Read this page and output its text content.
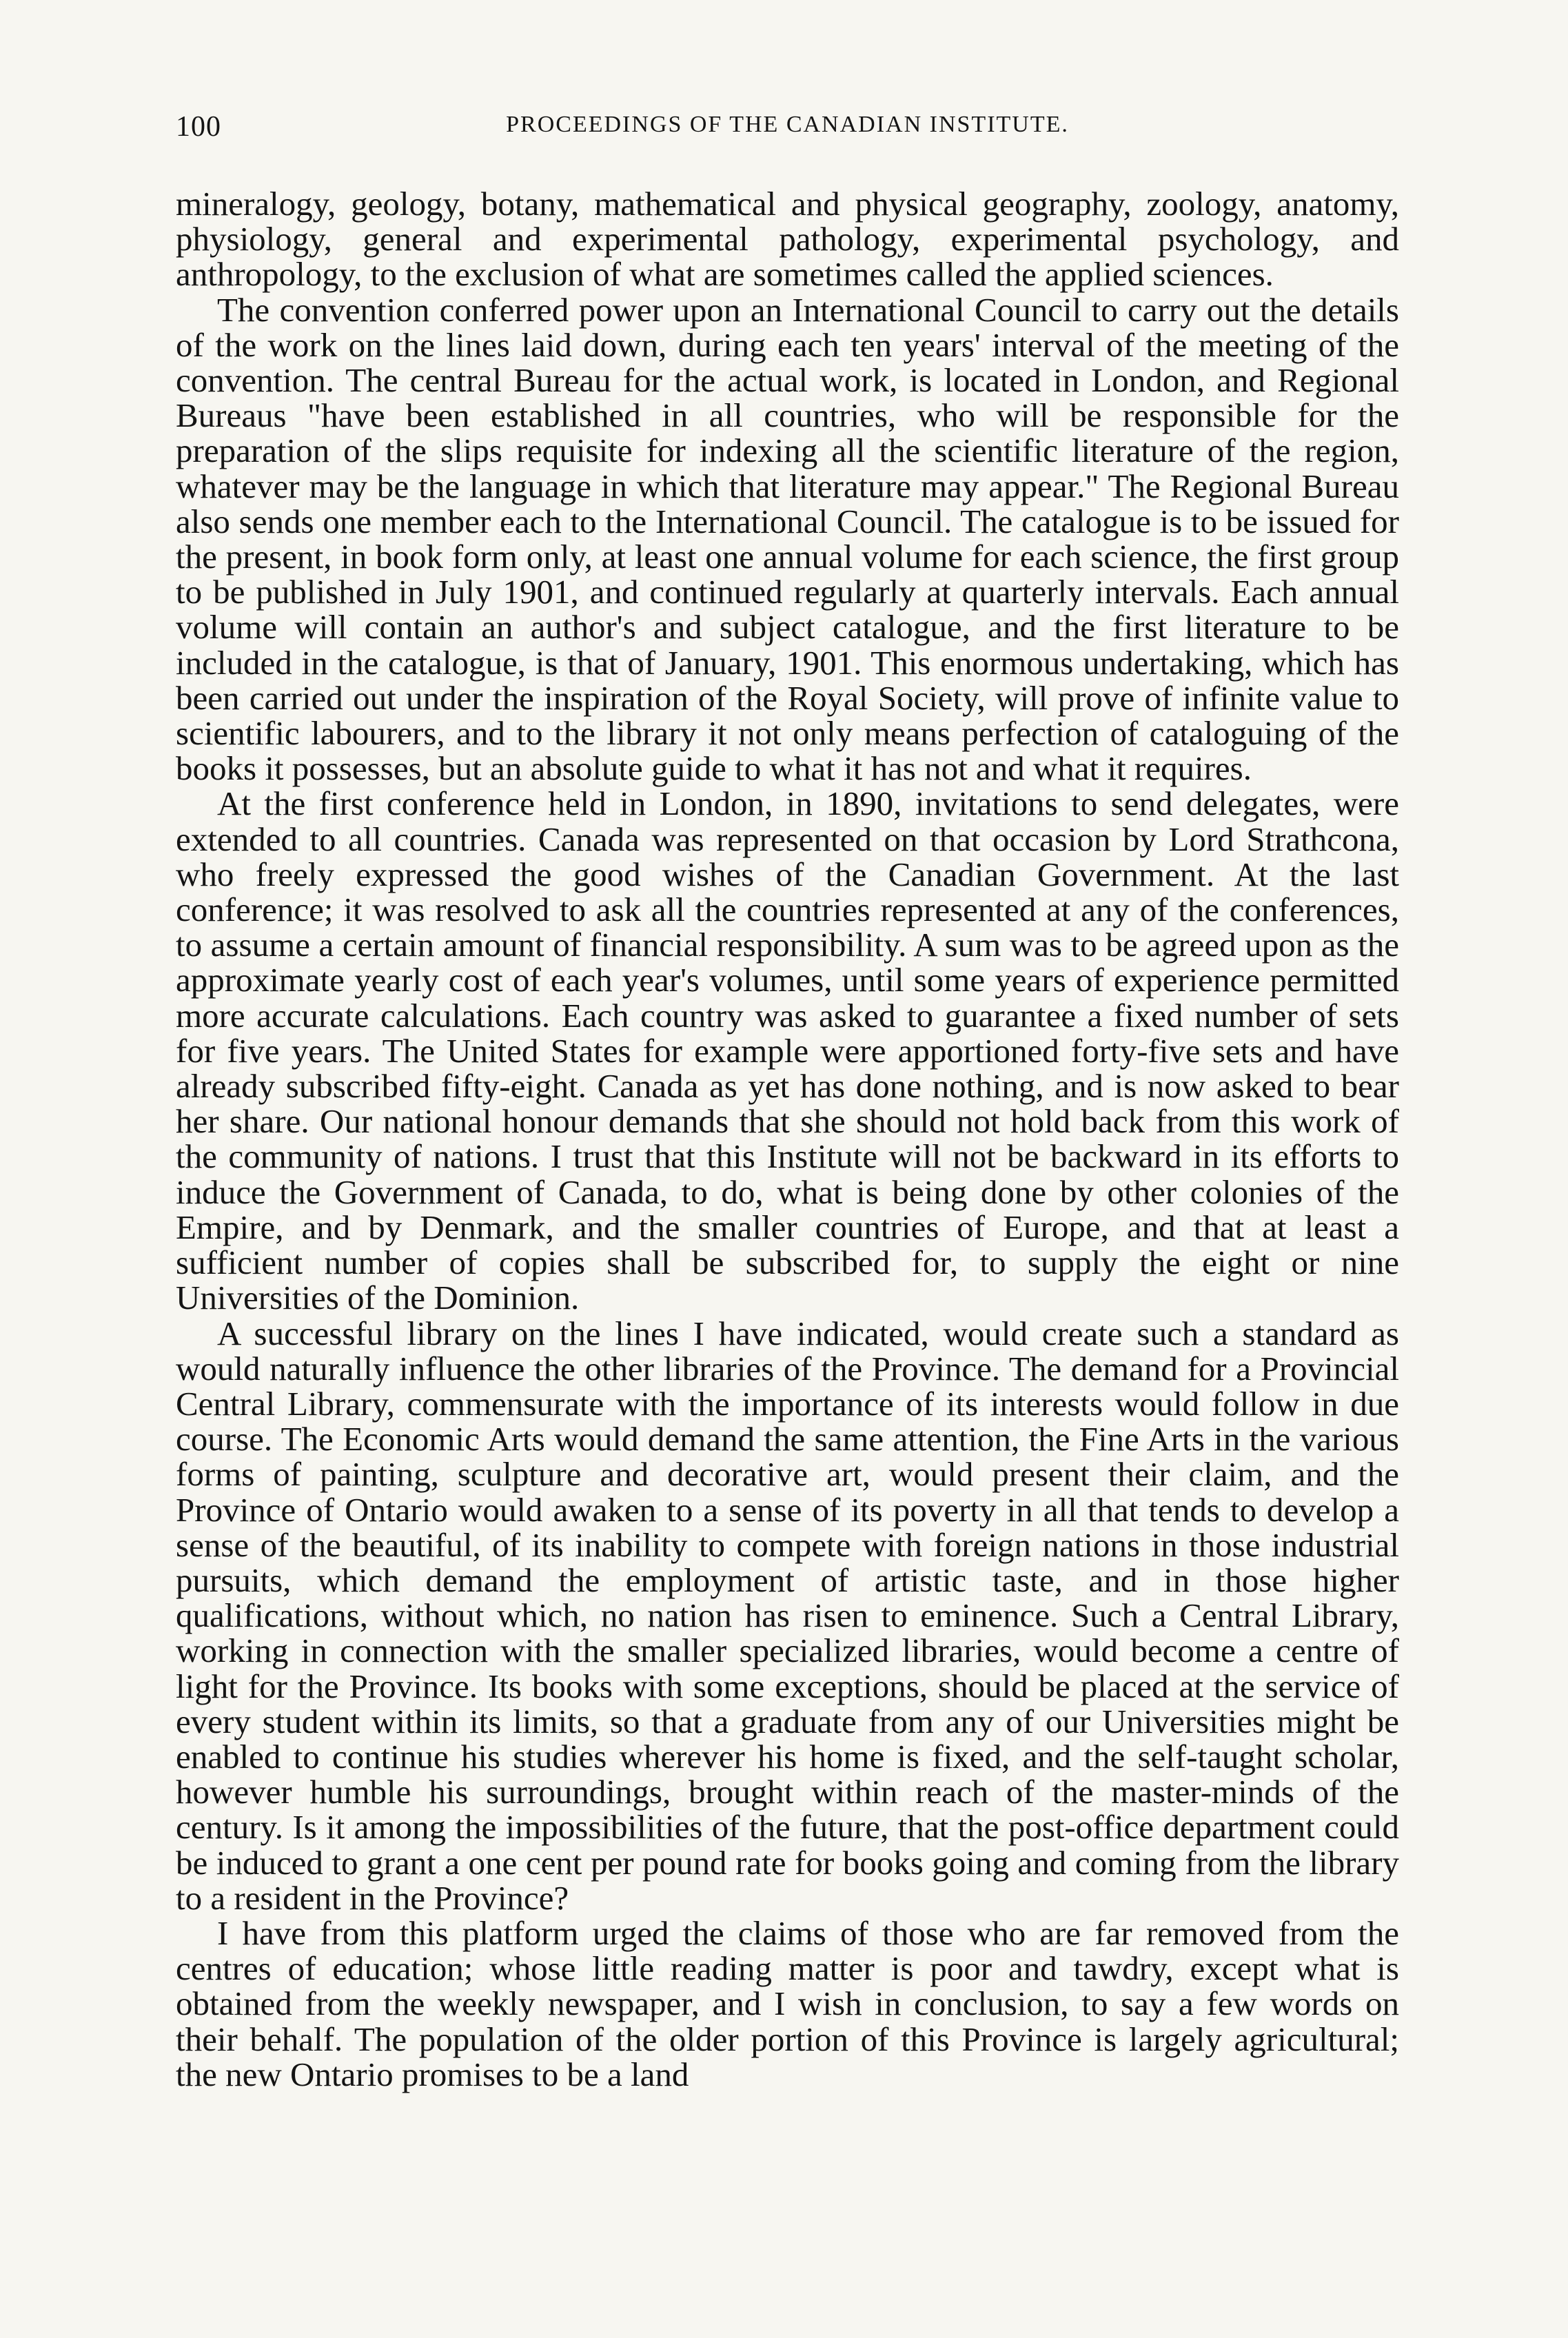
100	PROCEEDINGS OF THE CANADIAN INSTITUTE.

mineralogy, geology, botany, mathematical and physical geography, zoology, anatomy, physiology, general and experimental pathology, experimental psychology, and anthropology, to the exclusion of what are sometimes called the applied sciences.

The convention conferred power upon an International Council to carry out the details of the work on the lines laid down, during each ten years' interval of the meeting of the convention. The central Bureau for the actual work, is located in London, and Regional Bureaus "have been established in all countries, who will be responsible for the preparation of the slips requisite for indexing all the scientific literature of the region, whatever may be the language in which that literature may appear." The Regional Bureau also sends one member each to the International Council. The catalogue is to be issued for the present, in book form only, at least one annual volume for each science, the first group to be published in July 1901, and continued regularly at quarterly intervals. Each annual volume will contain an author's and subject catalogue, and the first literature to be included in the catalogue, is that of January, 1901. This enormous undertaking, which has been carried out under the inspiration of the Royal Society, will prove of infinite value to scientific labourers, and to the library it not only means perfection of cataloguing of the books it possesses, but an absolute guide to what it has not and what it requires.

At the first conference held in London, in 1890, invitations to send delegates, were extended to all countries. Canada was represented on that occasion by Lord Strathcona, who freely expressed the good wishes of the Canadian Government. At the last conference; it was resolved to ask all the countries represented at any of the conferences, to assume a certain amount of financial responsibility. A sum was to be agreed upon as the approximate yearly cost of each year's volumes, until some years of experience permitted more accurate calculations. Each country was asked to guarantee a fixed number of sets for five years. The United States for example were apportioned forty-five sets and have already subscribed fifty-eight. Canada as yet has done nothing, and is now asked to bear her share. Our national honour demands that she should not hold back from this work of the community of nations. I trust that this Institute will not be backward in its efforts to induce the Government of Canada, to do, what is being done by other colonies of the Empire, and by Denmark, and the smaller countries of Europe, and that at least a sufficient number of copies shall be subscribed for, to supply the eight or nine Universities of the Dominion.

A successful library on the lines I have indicated, would create such a standard as would naturally influence the other libraries of the Province. The demand for a Provincial Central Library, commensurate with the importance of its interests would follow in due course. The Economic Arts would demand the same attention, the Fine Arts in the various forms of painting, sculpture and decorative art, would present their claim, and the Province of Ontario would awaken to a sense of its poverty in all that tends to develop a sense of the beautiful, of its inability to compete with foreign nations in those industrial pursuits, which demand the employment of artistic taste, and in those higher qualifications, without which, no nation has risen to eminence. Such a Central Library, working in connection with the smaller specialized libraries, would become a centre of light for the Province. Its books with some exceptions, should be placed at the service of every student within its limits, so that a graduate from any of our Universities might be enabled to continue his studies wherever his home is fixed, and the self-taught scholar, however humble his surroundings, brought within reach of the master-minds of the century. Is it among the impossibilities of the future, that the post-office department could be induced to grant a one cent per pound rate for books going and coming from the library to a resident in the Province?

I have from this platform urged the claims of those who are far removed from the centres of education; whose little reading matter is poor and tawdry, except what is obtained from the weekly newspaper, and I wish in conclusion, to say a few words on their behalf. The population of the older portion of this Province is largely agricultural; the new Ontario promises to be a land
